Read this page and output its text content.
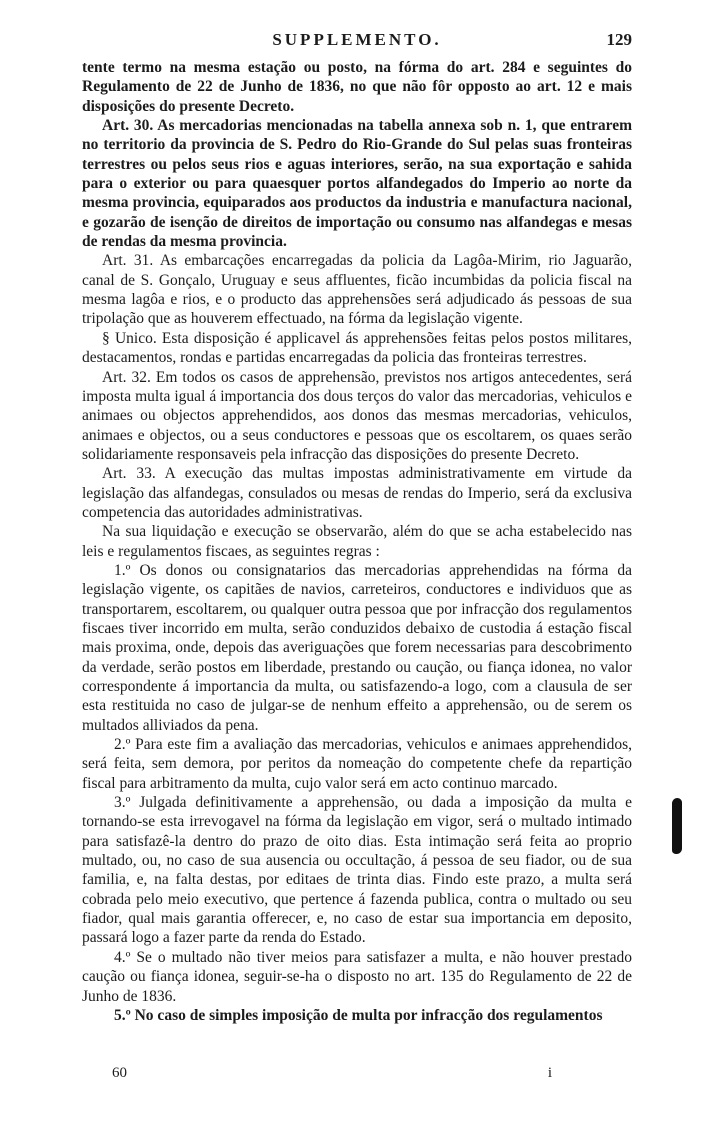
SUPPLEMENTO.	129

tente termo na mesma estação ou posto, na fórma do art. 284 e seguintes do Regulamento de 22 de Junho de 1836, no que não fôr opposto ao art. 12 e mais disposições do presente Decreto.

Art. 30. As mercadorias mencionadas na tabella annexa sob n. 1, que entrarem no territorio da provincia de S. Pedro do Rio-Grande do Sul pelas suas fronteiras terrestres ou pelos seus rios e aguas interiores, serão, na sua exportação e sahida para o exterior ou para quaesquer portos alfandegados do Imperio ao norte da mesma provincia, equiparados aos productos da industria e manufactura nacional, e gozarão de isenção de direitos de importação ou consumo nas alfandegas e mesas de rendas da mesma provincia.

Art. 31. As embarcações encarregadas da policia da Lagôa-Mirim, rio Jaguarão, canal de S. Gonçalo, Uruguay e seus affluentes, ficão incumbidas da policia fiscal na mesma lagôa e rios, e o producto das apprehensões será adjudicado ás pessoas de sua tripolação que as houverem effectuado, na fórma da legislação vigente.

§ Unico. Esta disposição é applicavel ás apprehensões feitas pelos postos militares, destacamentos, rondas e partidas encarregadas da policia das fronteiras terrestres.

Art. 32. Em todos os casos de apprehensão, previstos nos artigos antecedentes, será imposta multa igual á importancia dos dous terços do valor das mercadorias, vehiculos e animaes ou objectos apprehendidos, aos donos das mesmas mercadorias, vehiculos, animaes e objectos, ou a seus conductores e pessoas que os escoltarem, os quaes serão solidariamente responsaveis pela infracção das disposições do presente Decreto.

Art. 33. A execução das multas impostas administrativamente em virtude da legislação das alfandegas, consulados ou mesas de rendas do Imperio, será da exclusiva competencia das autoridades administrativas.

Na sua liquidação e execução se observarão, além do que se acha estabelecido nas leis e regulamentos fiscaes, as seguintes regras :

1.º Os donos ou consignatarios das mercadorias apprehendidas na fórma da legislação vigente, os capitães de navios, carreteiros, conductores e individuos que as transportarem, escoltarem, ou qualquer outra pessoa que por infracção dos regulamentos fiscaes tiver incorrido em multa, serão conduzidos debaixo de custodia á estação fiscal mais proxima, onde, depois das averiguações que forem necessarias para descobrimento da verdade, serão postos em liberdade, prestando ou caução, ou fiança idonea, no valor correspondente á importancia da multa, ou satisfazendo-a logo, com a clausula de ser esta restituida no caso de julgar-se de nenhum effeito a apprehensão, ou de serem os multados alliviados da pena.

2.º Para este fim a avaliação das mercadorias, vehiculos e animaes apprehendidos, será feita, sem demora, por peritos da nomeação do competente chefe da repartição fiscal para arbitramento da multa, cujo valor será em acto continuo marcado.

3.º Julgada definitivamente a apprehensão, ou dada a imposição da multa e tornando-se esta irrevogavel na fórma da legislação em vigor, será o multado intimado para satisfazê-la dentro do prazo de oito dias. Esta intimação será feita ao proprio multado, ou, no caso de sua ausencia ou occultação, á pessoa de seu fiador, ou de sua familia, e, na falta destas, por editaes de trinta dias. Findo este prazo, a multa será cobrada pelo meio executivo, que pertence á fazenda publica, contra o multado ou seu fiador, qual mais garantia offerecer, e, no caso de estar sua importancia em deposito, passará logo a fazer parte da renda do Estado.

4.º Se o multado não tiver meios para satisfazer a multa, e não houver prestado caução ou fiança idonea, seguir-se-ha o disposto no art. 135 do Regulamento de 22 de Junho de 1836.

5.º No caso de simples imposição de multa por infracção dos regulamentos

60	i
